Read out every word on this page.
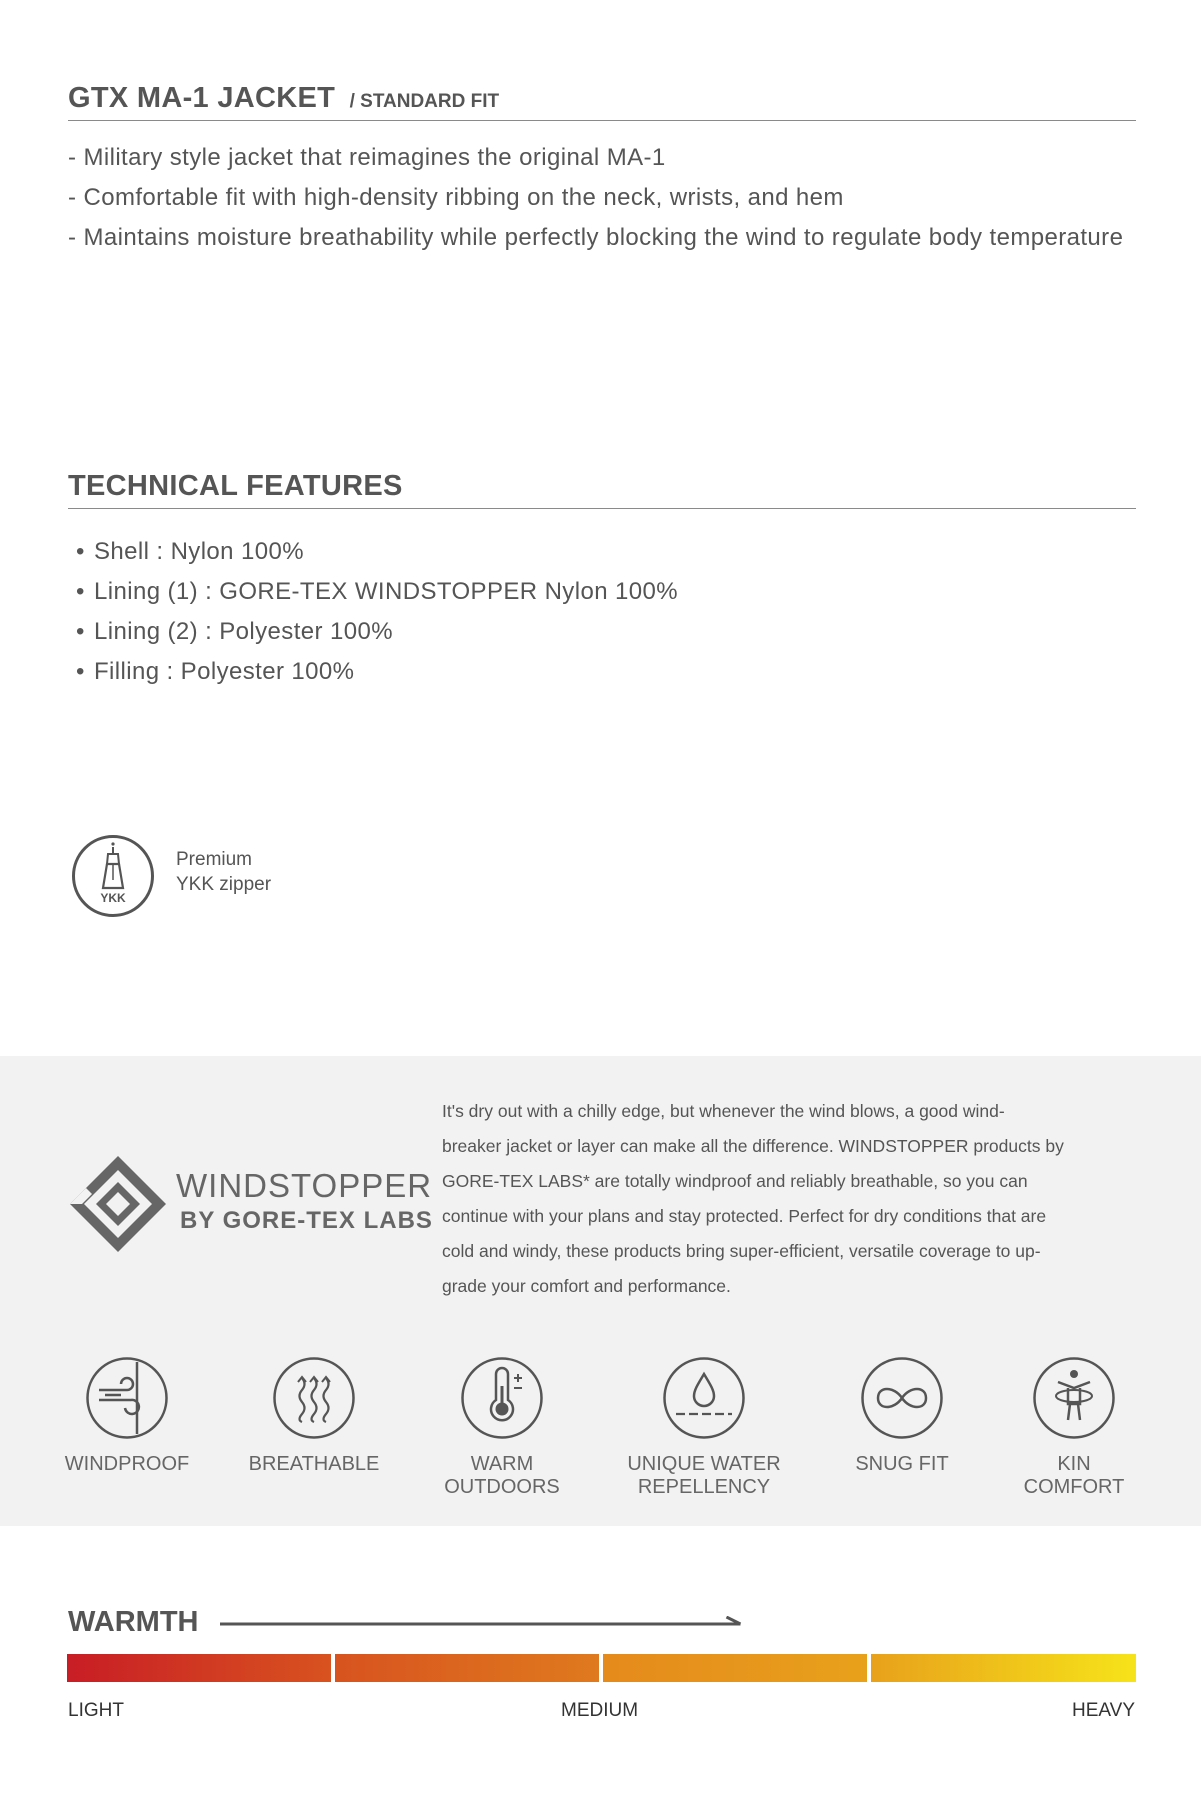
GTX MA-1 JACKET / STANDARD FIT
- Military style jacket that reimagines the original MA-1
- Comfortable fit with high-density ribbing on the neck, wrists, and hem
- Maintains moisture breathability while perfectly blocking the wind to regulate body temperature
TECHNICAL FEATURES
• Shell : Nylon 100%
• Lining (1) : GORE-TEX WINDSTOPPER Nylon 100%
• Lining (2) : Polyester 100%
• Filling : Polyester 100%
YKK
Premium
YKK zipper
WINDSTOPPER
BY GORE-TEX LABS
It's dry out with a chilly edge, but whenever the wind blows, a good wind-
breaker jacket or layer can make all the difference. WINDSTOPPER products by
GORE-TEX LABS* are totally windproof and reliably breathable, so you can
continue with your plans and stay protected. Perfect for dry conditions that are
cold and windy, these products bring super-efficient, versatile coverage to up-
grade your comfort and performance.
WINDPROOF	BREATHABLE	WARM
OUTDOORS
UNIQUE WATER
REPELLENCY
SNUG FIT	KIN
COMFORT
WARMTH
LIGHT	MEDIUM	HEAVY
